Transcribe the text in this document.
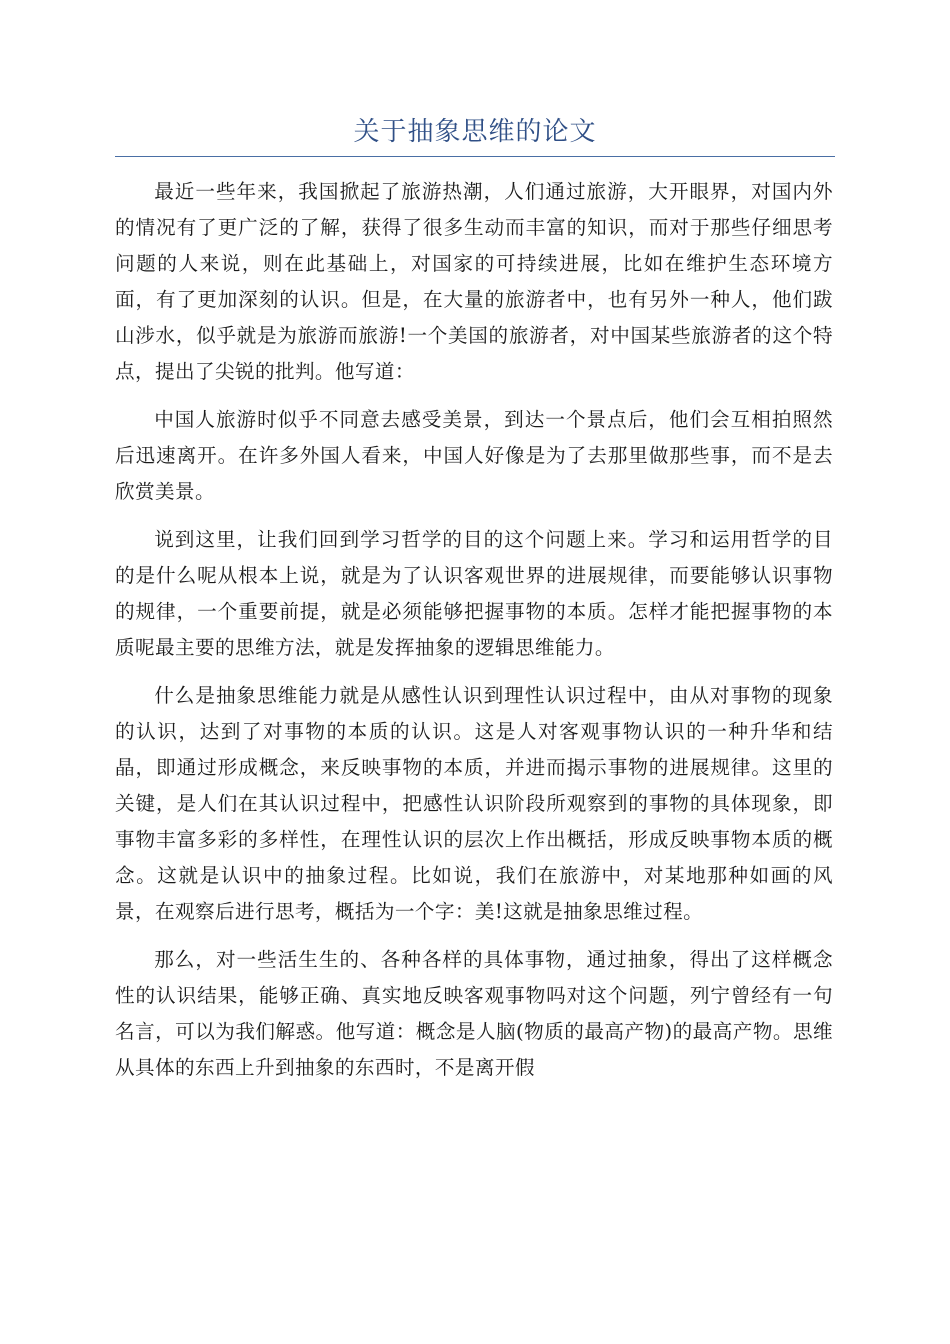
关于抽象思维的论文

最近一些年来，我国掀起了旅游热潮，人们通过旅游，大开眼界，对国内外的情况有了更广泛的了解，获得了很多生动而丰富的知识，而对于那些仔细思考问题的人来说，则在此基础上，对国家的可持续进展，比如在维护生态环境方面，有了更加深刻的认识。但是，在大量的旅游者中，也有另外一种人，他们跋山涉水，似乎就是为旅游而旅游!一个美国的旅游者，对中国某些旅游者的这个特点，提出了尖锐的批判。他写道：

中国人旅游时似乎不同意去感受美景，到达一个景点后，他们会互相拍照然后迅速离开。在许多外国人看来，中国人好像是为了去那里做那些事，而不是去欣赏美景。

说到这里，让我们回到学习哲学的目的这个问题上来。学习和运用哲学的目的是什么呢从根本上说，就是为了认识客观世界的进展规律，而要能够认识事物的规律，一个重要前提，就是必须能够把握事物的本质。怎样才能把握事物的本质呢最主要的思维方法，就是发挥抽象的逻辑思维能力。

什么是抽象思维能力就是从感性认识到理性认识过程中，由从对事物的现象的认识，达到了对事物的本质的认识。这是人对客观事物认识的一种升华和结晶，即通过形成概念，来反映事物的本质，并进而揭示事物的进展规律。这里的关键，是人们在其认识过程中，把感性认识阶段所观察到的事物的具体现象，即事物丰富多彩的多样性，在理性认识的层次上作出概括，形成反映事物本质的概念。这就是认识中的抽象过程。比如说，我们在旅游中，对某地那种如画的风景，在观察后进行思考，概括为一个字：美!这就是抽象思维过程。

那么，对一些活生生的、各种各样的具体事物，通过抽象，得出了这样概念性的认识结果，能够正确、真实地反映客观事物吗对这个问题，列宁曾经有一句名言，可以为我们解惑。他写道：概念是人脑(物质的最高产物)的最高产物。思维从具体的东西上升到抽象的东西时，不是离开假
